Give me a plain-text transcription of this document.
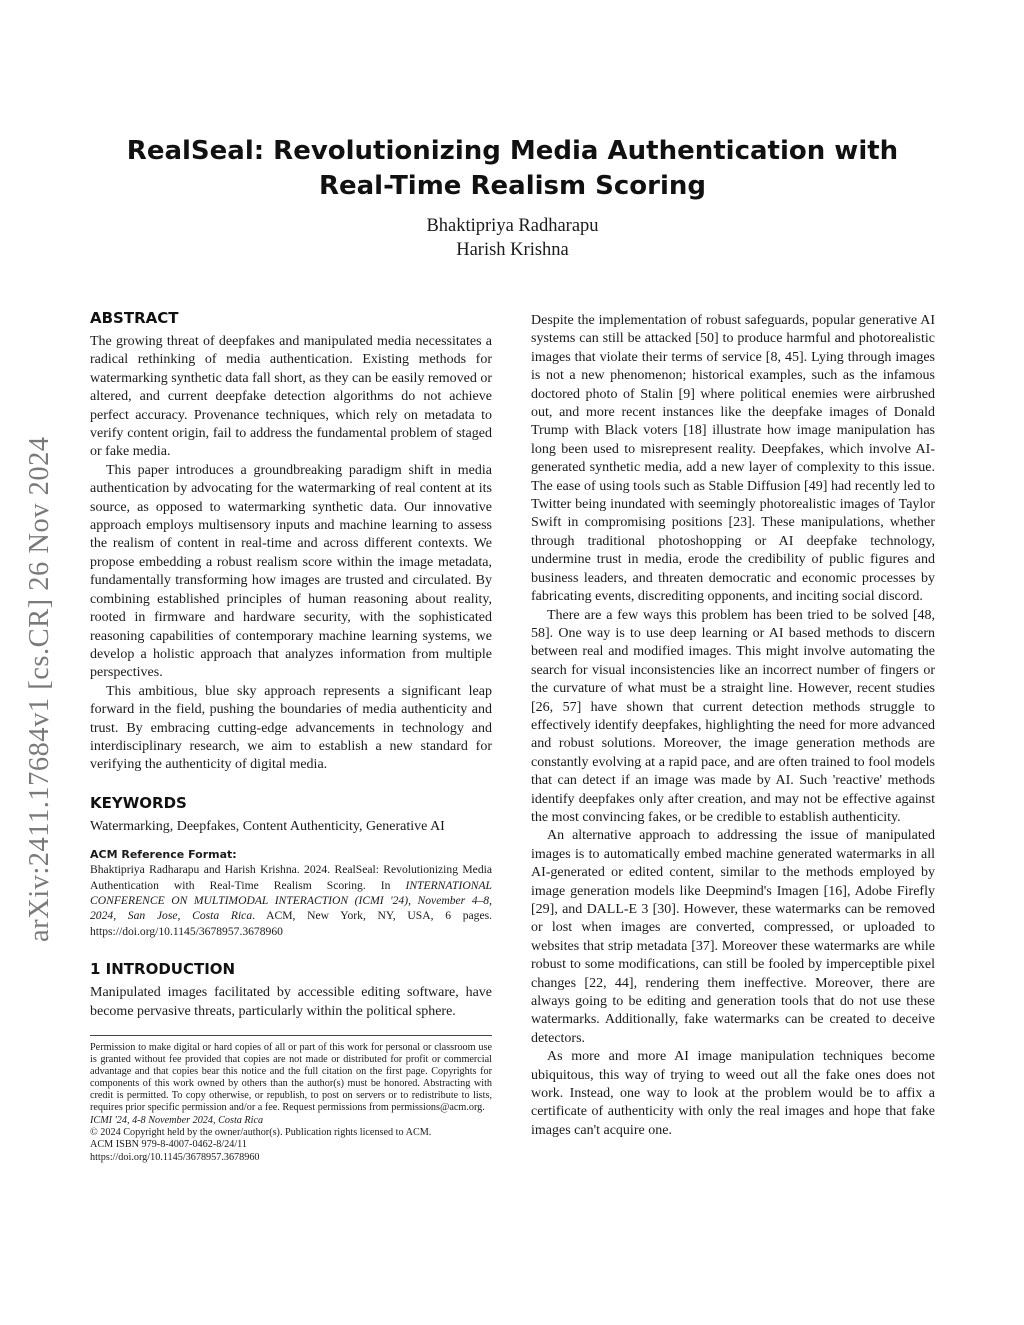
arXiv:2411.17684v1 [cs.CR] 26 Nov 2024
RealSeal: Revolutionizing Media Authentication with Real-Time Realism Scoring
Bhaktipriya Radharapu
Harish Krishna
ABSTRACT

The growing threat of deepfakes and manipulated media necessitates a radical rethinking of media authentication. Existing methods for watermarking synthetic data fall short, as they can be easily removed or altered, and current deepfake detection algorithms do not achieve perfect accuracy. Provenance techniques, which rely on metadata to verify content origin, fail to address the fundamental problem of staged or fake media.

This paper introduces a groundbreaking paradigm shift in media authentication by advocating for the watermarking of real content at its source, as opposed to watermarking synthetic data. Our innovative approach employs multisensory inputs and machine learning to assess the realism of content in real-time and across different contexts. We propose embedding a robust realism score within the image metadata, fundamentally transforming how images are trusted and circulated. By combining established principles of human reasoning about reality, rooted in firmware and hardware security, with the sophisticated reasoning capabilities of contemporary machine learning systems, we develop a holistic approach that analyzes information from multiple perspectives.

This ambitious, blue sky approach represents a significant leap forward in the field, pushing the boundaries of media authenticity and trust. By embracing cutting-edge advancements in technology and interdisciplinary research, we aim to establish a new standard for verifying the authenticity of digital media.

KEYWORDS

Watermarking, Deepfakes, Content Authenticity, Generative AI

ACM Reference Format:

Bhaktipriya Radharapu and Harish Krishna. 2024. RealSeal: Revolutionizing Media Authentication with Real-Time Realism Scoring. In INTERNATIONAL CONFERENCE ON MULTIMODAL INTERACTION (ICMI '24), November 4–8, 2024, San Jose, Costa Rica. ACM, New York, NY, USA, 6 pages. https://doi.org/10.1145/3678957.3678960

1 INTRODUCTION

Manipulated images facilitated by accessible editing software, have become pervasive threats, particularly within the political sphere.

Permission to make digital or hard copies of all or part of this work for personal or classroom use is granted without fee provided that copies are not made or distributed for profit or commercial advantage and that copies bear this notice and the full citation on the first page. Copyrights for components of this work owned by others than the author(s) must be honored. Abstracting with credit is permitted. To copy otherwise, or republish, to post on servers or to redistribute to lists, requires prior specific permission and/or a fee. Request permissions from permissions@acm.org.

ICMI '24, 4-8 November 2024, Costa Rica

© 2024 Copyright held by the owner/author(s). Publication rights licensed to ACM.

ACM ISBN 979-8-4007-0462-8/24/11

https://doi.org/10.1145/3678957.3678960

Despite the implementation of robust safeguards, popular generative AI systems can still be attacked [50] to produce harmful and photorealistic images that violate their terms of service [8, 45]. Lying through images is not a new phenomenon; historical examples, such as the infamous doctored photo of Stalin [9] where political enemies were airbrushed out, and more recent instances like the deepfake images of Donald Trump with Black voters [18] illustrate how image manipulation has long been used to misrepresent reality. Deepfakes, which involve AI-generated synthetic media, add a new layer of complexity to this issue. The ease of using tools such as Stable Diffusion [49] had recently led to Twitter being inundated with seemingly photorealistic images of Taylor Swift in compromising positions [23]. These manipulations, whether through traditional photoshopping or AI deepfake technology, undermine trust in media, erode the credibility of public figures and business leaders, and threaten democratic and economic processes by fabricating events, discrediting opponents, and inciting social discord.

There are a few ways this problem has been tried to be solved [48, 58]. One way is to use deep learning or AI based methods to discern between real and modified images. This might involve automating the search for visual inconsistencies like an incorrect number of fingers or the curvature of what must be a straight line. However, recent studies [26, 57] have shown that current detection methods struggle to effectively identify deepfakes, highlighting the need for more advanced and robust solutions. Moreover, the image generation methods are constantly evolving at a rapid pace, and are often trained to fool models that can detect if an image was made by AI. Such 'reactive' methods identify deepfakes only after creation, and may not be effective against the most convincing fakes, or be credible to establish authenticity.

An alternative approach to addressing the issue of manipulated images is to automatically embed machine generated watermarks in all AI-generated or edited content, similar to the methods employed by image generation models like Deepmind's Imagen [16], Adobe Firefly [29], and DALL-E 3 [30]. However, these watermarks can be removed or lost when images are converted, compressed, or uploaded to websites that strip metadata [37]. Moreover these watermarks are while robust to some modifications, can still be fooled by imperceptible pixel changes [22, 44], rendering them ineffective. Moreover, there are always going to be editing and generation tools that do not use these watermarks. Additionally, fake watermarks can be created to deceive detectors.

As more and more AI image manipulation techniques become ubiquitous, this way of trying to weed out all the fake ones does not work. Instead, one way to look at the problem would be to affix a certificate of authenticity with only the real images and hope that fake images can't acquire one.
